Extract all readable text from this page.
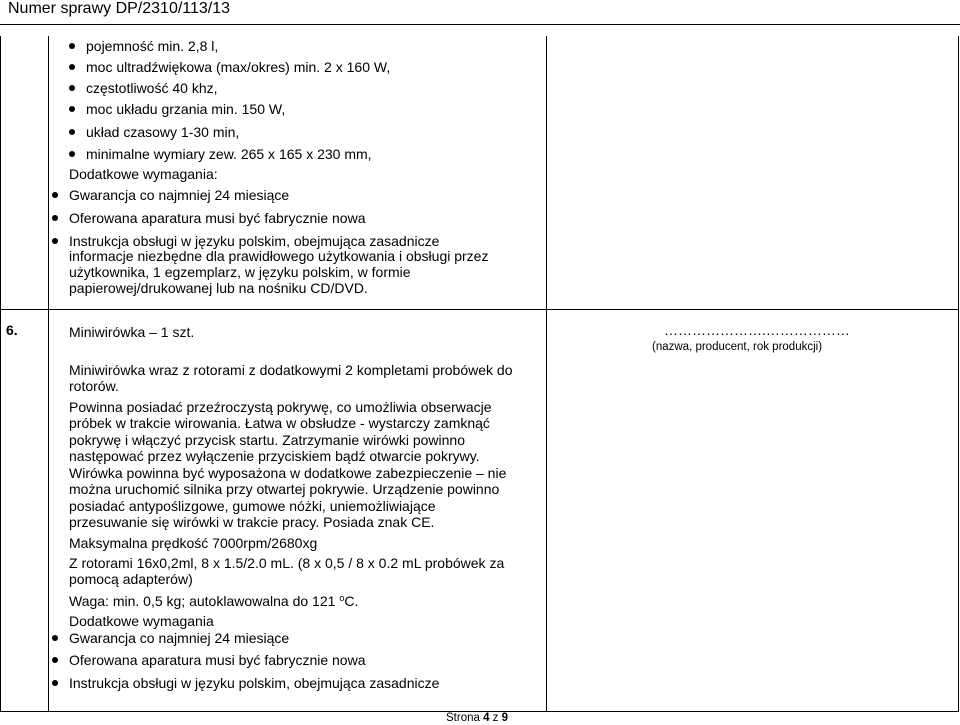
Numer sprawy DP/2310/113/13
pojemność min. 2,8 l,
moc ultradźwiękowa (max/okres) min. 2 x 160 W,
częstotliwość 40 khz,
moc układu grzania min. 150 W,
układ czasowy 1-30 min,
minimalne wymiary zew. 265 x 165 x 230 mm,
Dodatkowe wymagania:
Gwarancja co najmniej 24 miesiące
Oferowana aparatura musi być fabrycznie nowa
Instrukcja obsługi w języku polskim, obejmująca zasadnicze
informacje niezbędne dla prawidłowego użytkowania i obsługi przez
użytkownika, 1 egzemplarz, w języku polskim, w formie
papierowej/drukowanej lub na nośniku CD/DVD.
6.	Miniwirówka – 1 szt.	………………….………………
(nazwa, producent, rok produkcji)
Miniwirówka wraz z rotorami z dodatkowymi 2 kompletami probówek do
rotorów.
Powinna posiadać przeźroczystą pokrywę, co umożliwia obserwacje
próbek w trakcie wirowania. Łatwa w obsłudze - wystarczy zamknąć
pokrywę i włączyć przycisk startu. Zatrzymanie wirówki powinno
następować przez wyłączenie przyciskiem bądź otwarcie pokrywy.
Wirówka powinna być wyposażona w dodatkowe zabezpieczenie – nie
można uruchomić silnika przy otwartej pokrywie. Urządzenie powinno
posiadać antypoślizgowe, gumowe nóżki, uniemożliwiające
przesuwanie się wirówki w trakcie pracy. Posiada znak CE.
Maksymalna prędkość 7000rpm/2680xg
Z rotorami 16x0,2ml, 8 x 1.5/2.0 mL. (8 x 0,5 / 8 x 0.2 mL probówek za
pomocą adapterów)
Waga: min. 0,5 kg; autoklawowalna do 121 $^o$C.
Dodatkowe wymagania
Gwarancja co najmniej 24 miesiące
Oferowana aparatura musi być fabrycznie nowa
Instrukcja obsługi w języku polskim, obejmująca zasadnicze
Strona 4 z 9
